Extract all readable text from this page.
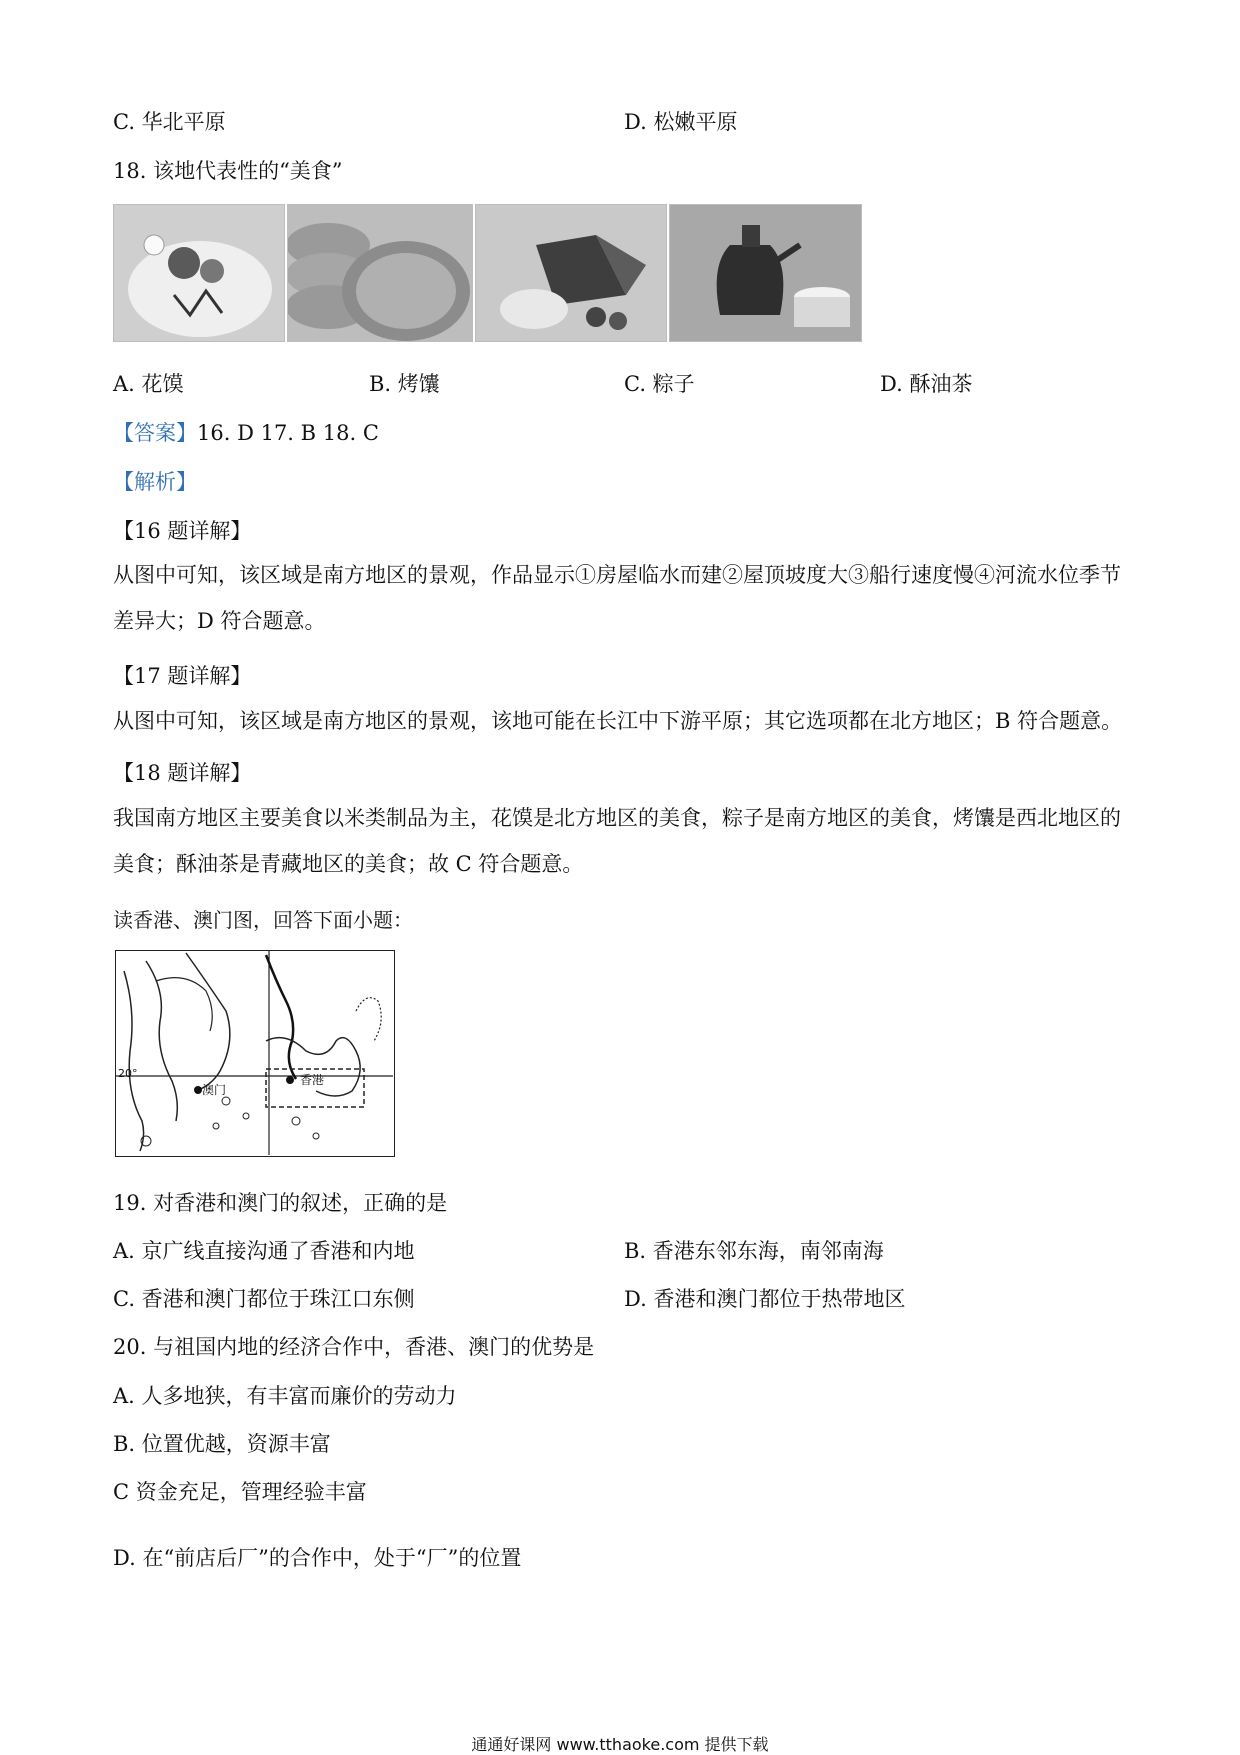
C. 华北平原	D. 松嫩平原
18. 该地代表性的“美食”
A. 花馍	B. 烤馕	C. 粽子	D. 酥油茶
【答案】16. D 17. B 18. C
【解析】
【16 题详解】
从图中可知，该区域是南方地区的景观，作品显示①房屋临水而建②屋顶坡度大③船行速度慢④河流水位季节差异大；D 符合题意。
【17 题详解】
从图中可知，该区域是南方地区的景观，该地可能在长江中下游平原；其它选项都在北方地区；B 符合题意。
【18 题详解】
我国南方地区主要美食以米类制品为主，花馍是北方地区的美食，粽子是南方地区的美食，烤馕是西北地区的美食；酥油茶是青藏地区的美食；故 C 符合题意。
读香港、澳门图，回答下面小题：
20°
澳门
香港
19. 对香港和澳门的叙述，正确的是
A. 京广线直接沟通了香港和内地	B. 香港东邻东海，南邻南海
C. 香港和澳门都位于珠江口东侧	D. 香港和澳门都位于热带地区
20. 与祖国内地的经济合作中，香港、澳门的优势是
A. 人多地狭，有丰富而廉价的劳动力
B. 位置优越，资源丰富
C 资金充足，管理经验丰富
D. 在“前店后厂”的合作中，处于“厂”的位置
通通好课网 www.tthaoke.com 提供下载
